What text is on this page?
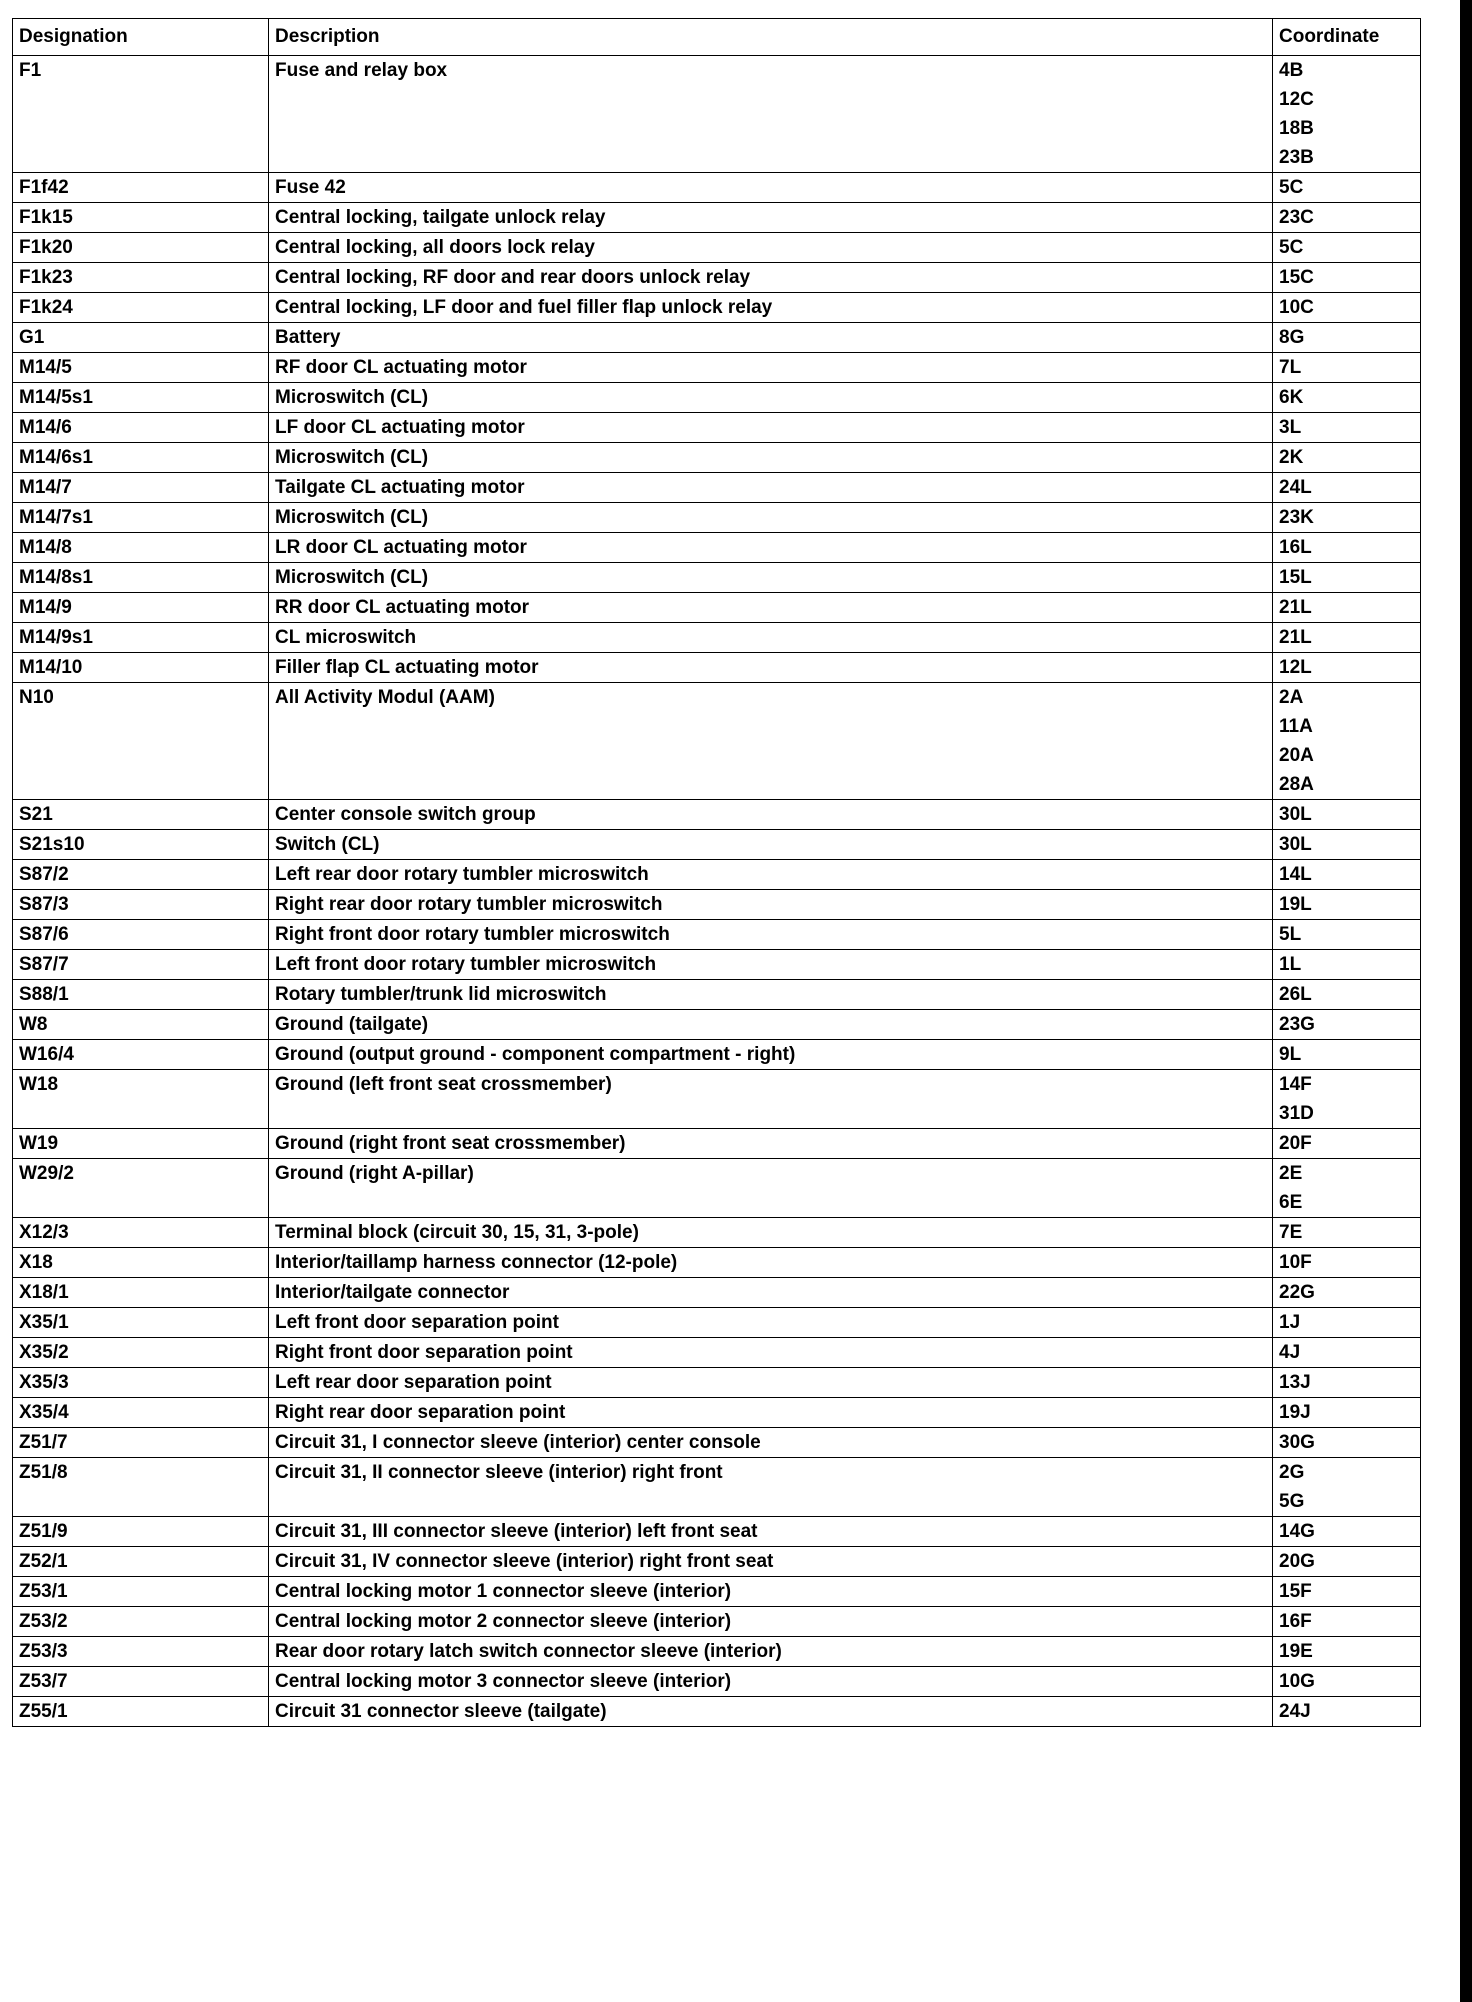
Designation	Description	Coordinate
F1	Fuse and relay box	4B
12C
18B
23B

F1f42	Fuse 42	5C

F1k15	Central locking, tailgate unlock relay	23C

F1k20	Central locking, all doors lock relay	5C

F1k23	Central locking, RF door and rear doors unlock relay	15C

F1k24	Central locking, LF door and fuel filler flap unlock relay	10C

G1	Battery	8G

M14/5	RF door CL actuating motor	7L

M14/5s1	Microswitch (CL)	6K

M14/6	LF door CL actuating motor	3L

M14/6s1	Microswitch (CL)	2K

M14/7	Tailgate CL actuating motor	24L

M14/7s1	Microswitch (CL)	23K

M14/8	LR door CL actuating motor	16L

M14/8s1	Microswitch (CL)	15L

M14/9	RR door CL actuating motor	21L

M14/9s1	CL microswitch	21L

M14/10	Filler flap CL actuating motor	12L

N10	All Activity Modul (AAM)	2A
11A
20A
28A

S21	Center console switch group	30L

S21s10	Switch (CL)	30L

S87/2	Left rear door rotary tumbler microswitch	14L

S87/3	Right rear door rotary tumbler microswitch	19L

S87/6	Right front door rotary tumbler microswitch	5L

S87/7	Left front door rotary tumbler microswitch	1L

S88/1	Rotary tumbler/trunk lid microswitch	26L

W8	Ground (tailgate)	23G

W16/4	Ground (output ground - component compartment - right)	9L

W18	Ground (left front seat crossmember)	14F
31D

W19	Ground (right front seat crossmember)	20F

W29/2	Ground (right A-pillar)	2E
6E

X12/3	Terminal block (circuit 30, 15, 31, 3-pole)	7E

X18	Interior/taillamp harness connector (12-pole)	10F

X18/1	Interior/tailgate connector	22G

X35/1	Left front door separation point	1J

X35/2	Right front door separation point	4J

X35/3	Left rear door separation point	13J

X35/4	Right rear door separation point	19J

Z51/7	Circuit 31, I connector sleeve (interior) center console	30G

Z51/8	Circuit 31, II connector sleeve (interior) right front	2G
5G

Z51/9	Circuit 31, III connector sleeve (interior) left front seat	14G

Z52/1	Circuit 31, IV connector sleeve (interior) right front seat	20G

Z53/1	Central locking motor 1 connector sleeve (interior)	15F

Z53/2	Central locking motor 2 connector sleeve (interior)	16F

Z53/3	Rear door rotary latch switch connector sleeve (interior)	19E

Z53/7	Central locking motor 3 connector sleeve (interior)	10G

Z55/1	Circuit 31 connector sleeve (tailgate)	24J
